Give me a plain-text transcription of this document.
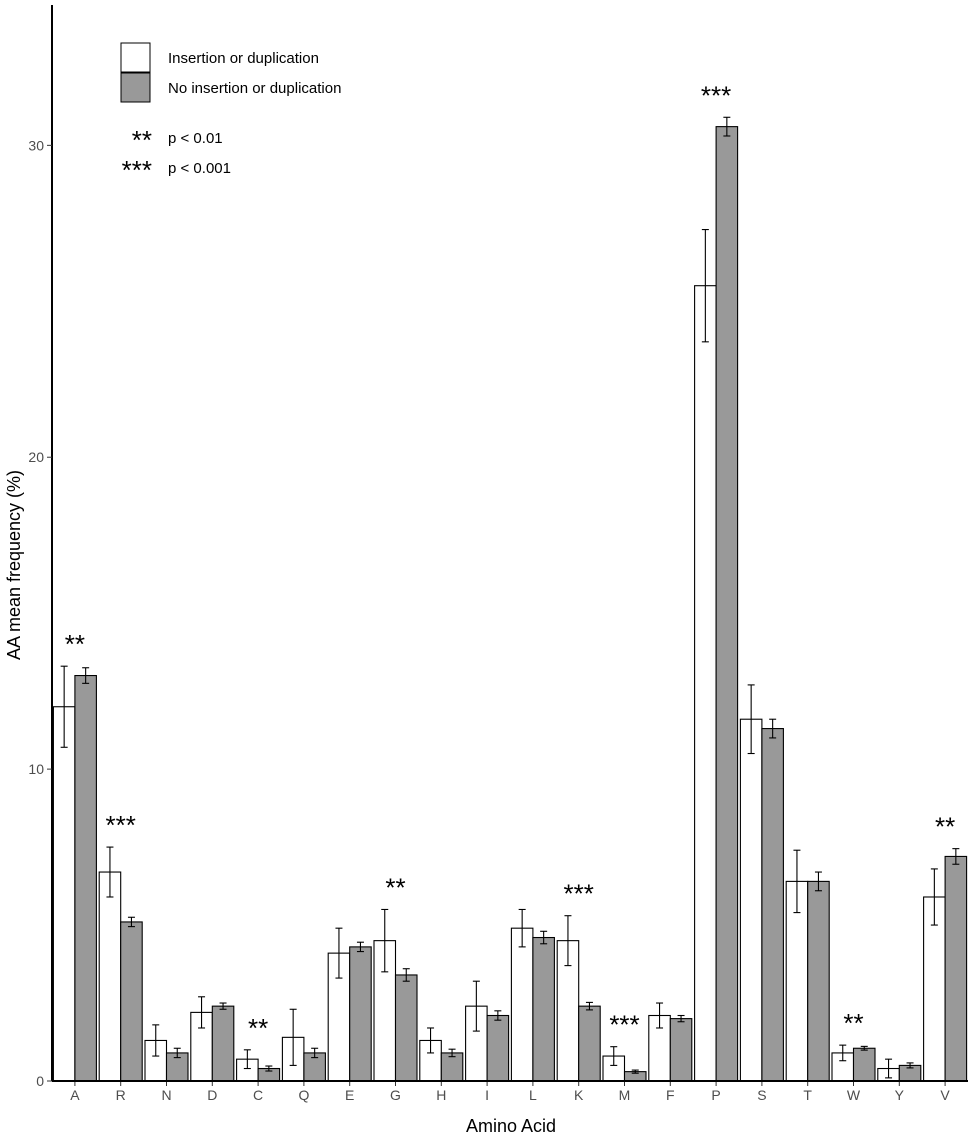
**
***
**
**	***
***
***
**
**
A	R	N	D	C	Q	E	G	H	I	L	K	M	F	P	S	T W Y	V
0
10
20
30
Insertion or duplication
No insertion or duplication
** p < 0.01
*** p < 0.001
Amino Acid
AA mean frequency (%)
